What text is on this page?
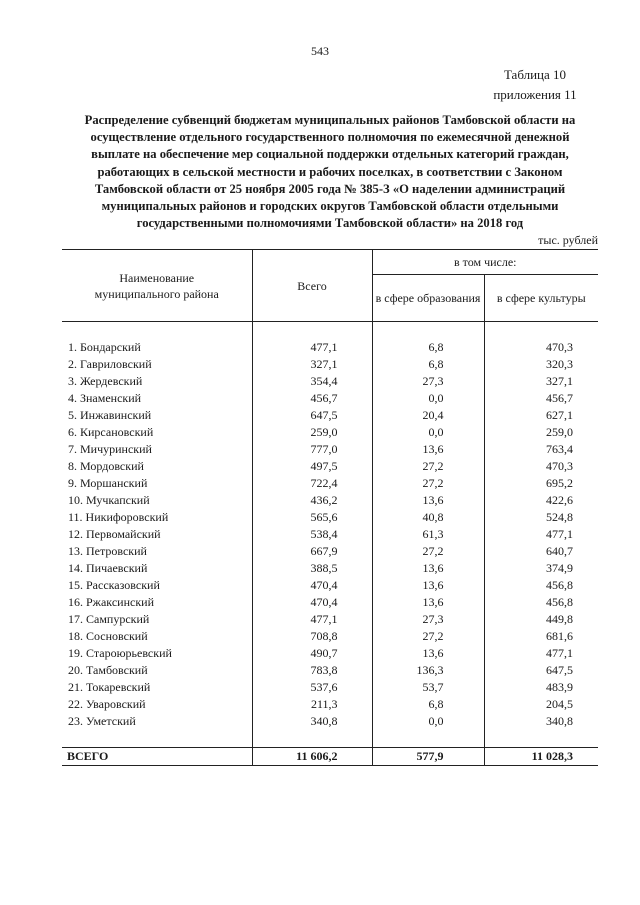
543
Таблица 10
приложения 11
Распределение субвенций бюджетам муниципальных районов Тамбовской области на
осуществление отдельного государственного полномочия по ежемесячной денежной
выплате на обеспечение мер социальной поддержки отдельных категорий граждан,
работающих в сельской местности и рабочих поселках, в соответствии с Законом
Тамбовской области от 25 ноября 2005 года № 385-З «О наделении администраций
муниципальных районов и городских округов Тамбовской области отдельными
государственными полномочиями Тамбовской области» на 2018 год
тыс. рублей
Наименование
муниципального района	Всего	в том числе:	
		в сфере образования	в сфере культуры

1. Бондарский	477,1	6,8	470,3
2. Гавриловский	327,1	6,8	320,3
3. Жердевский	354,4	27,3	327,1
4. Знаменский	456,7	0,0	456,7
5. Инжавинский	647,5	20,4	627,1
6. Кирсановский	259,0	0,0	259,0
7. Мичуринский	777,0	13,6	763,4
8. Мордовский	497,5	27,2	470,3
9. Моршанский	722,4	27,2	695,2
10. Мучкапский	436,2	13,6	422,6
11. Никифоровский	565,6	40,8	524,8
12. Первомайский	538,4	61,3	477,1
13. Петровский	667,9	27,2	640,7
14. Пичаевский	388,5	13,6	374,9
15. Рассказовский	470,4	13,6	456,8
16. Ржаксинский	470,4	13,6	456,8
17. Сампурский	477,1	27,3	449,8
18. Сосновский	708,8	27,2	681,6
19. Староюрьевский	490,7	13,6	477,1
20. Тамбовский	783,8	136,3	647,5
21. Токаревский	537,6	53,7	483,9
22. Уваровский	211,3	6,8	204,5
23. Уметский	340,8	0,0	340,8

ВСЕГО	11 606,2	577,9	11 028,3
